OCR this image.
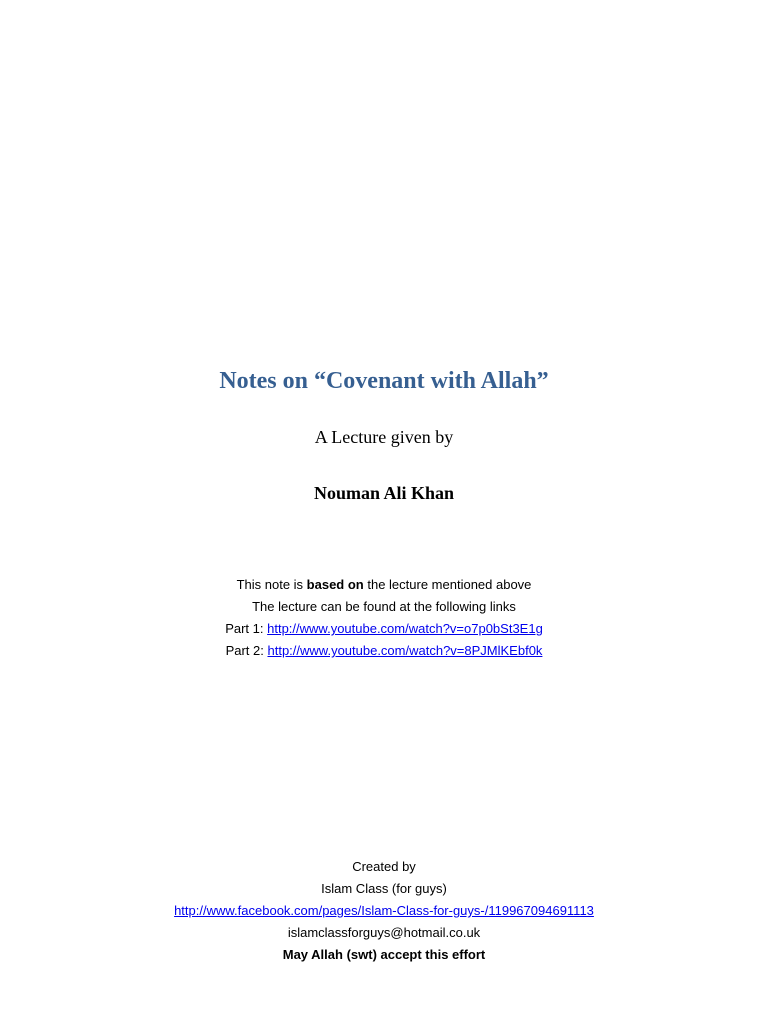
Notes on “Covenant with Allah”
A Lecture given by
Nouman Ali Khan
This note is based on the lecture mentioned above
The lecture can be found at the following links
Part 1: http://www.youtube.com/watch?v=o7p0bSt3E1g
Part 2: http://www.youtube.com/watch?v=8PJMlKEbf0k
Created by
Islam Class (for guys)
http://www.facebook.com/pages/Islam-Class-for-guys-/119967094691113
islamclassforguys@hotmail.co.uk
May Allah (swt) accept this effort
